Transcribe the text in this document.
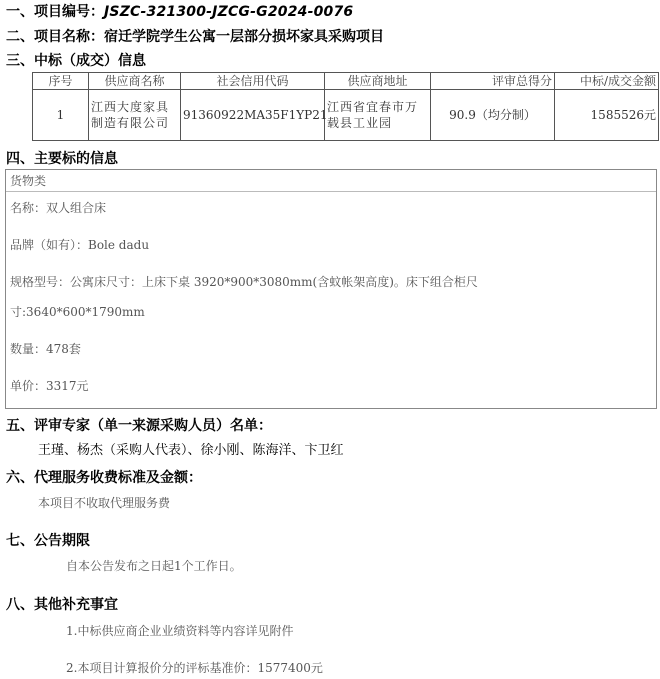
一、项目编号：JSZC-321300-JZCG-G2024-0076
二、项目名称：宿迁学院学生公寓一层部分损坏家具采购项目
三、中标（成交）信息
序号	供应商名称	社会信用代码	供应商地址	评审总得分	中标/成交金额
1	江西大度家具制造有限公司	91360922MA35F1YP21	江西省宜春市万载县工业园	90.9（均分制）	1585526元
四、主要标的信息
货物类
名称：双人组合床
品牌（如有）：Bole dadu
规格型号：公寓床尺寸：上床下桌 3920*900*3080mm(含蚊帐架高度)。床下组合柜尺
寸:3640*600*1790mm
数量：478套
单价：3317元
五、评审专家（单一来源采购人员）名单：
王瑾、杨杰（采购人代表）、徐小刚、陈海洋、卞卫红
六、代理服务收费标准及金额：
本项目不收取代理服务费
七、公告期限
自本公告发布之日起1个工作日。
八、其他补充事宜
1.中标供应商企业业绩资料等内容详见附件
2.本项目计算报价分的评标基准价：1577400元
